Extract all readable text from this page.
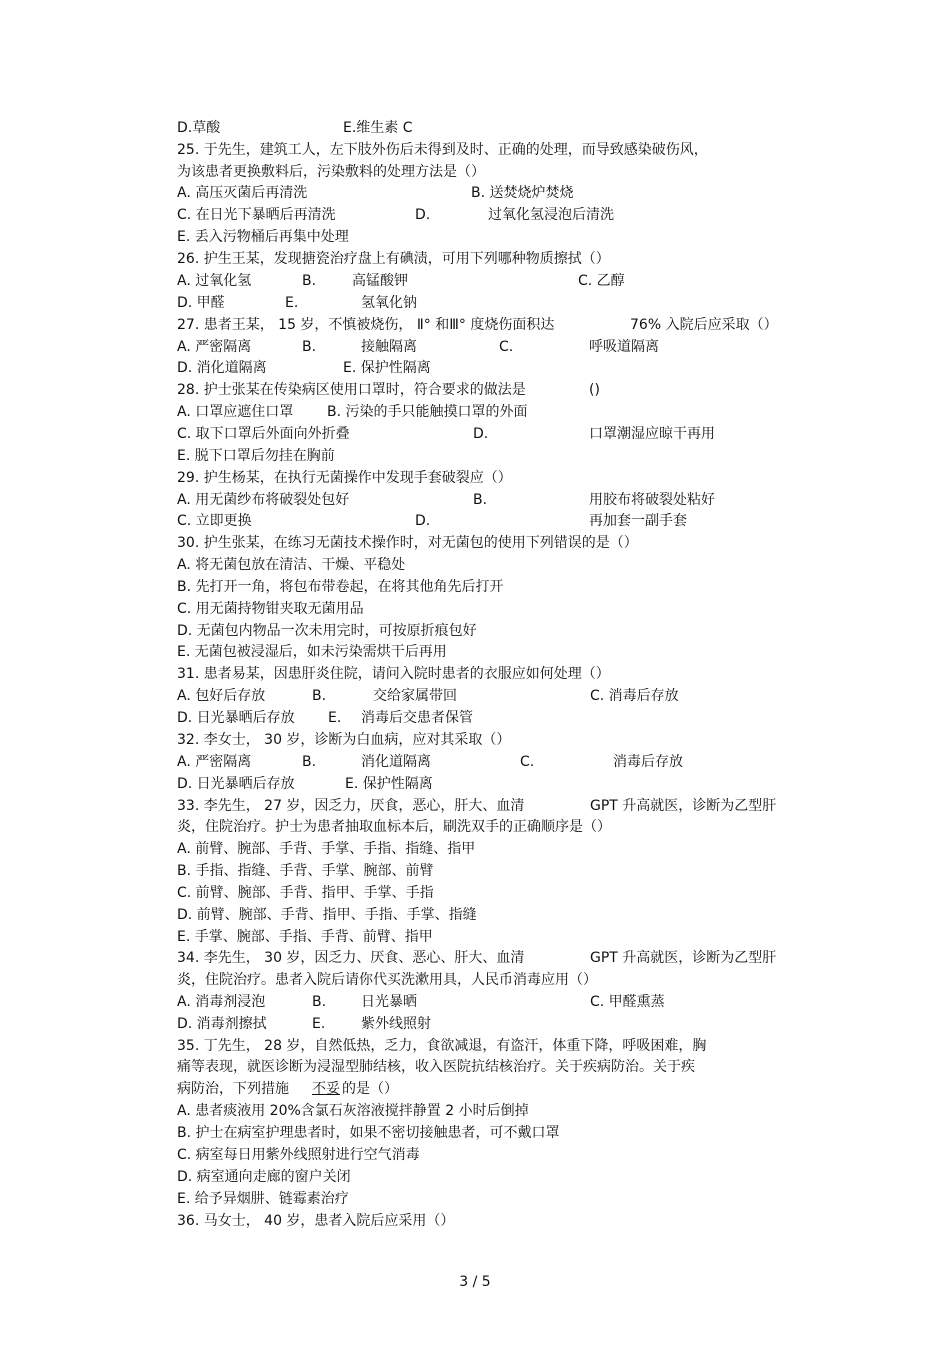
D.草酸	E.维生素 C
25. 于先生，建筑工人，左下肢外伤后未得到及时、正确的处理，而导致感染破伤风，
为该患者更换敷料后，污染敷料的处理方法是（）
A. 高压灭菌后再清洗	B. 送焚烧炉焚烧
C. 在日光下暴晒后再清洗	D.	过氧化氢浸泡后清洗
E. 丢入污物桶后再集中处理
26. 护生王某，发现搪瓷治疗盘上有碘渍，可用下列哪种物质擦拭（）
A. 过氧化氢	B.	高锰酸钾	C. 乙醇
D. 甲醛	E.	氢氧化钠
27. 患者王某， 15 岁，不慎被烧伤， Ⅱ° 和Ⅲ° 度烧伤面积达	76% 入院后应采取（）
A. 严密隔离	B.	接触隔离	C.	呼吸道隔离
D. 消化道隔离	E. 保护性隔离
28. 护士张某在传染病区使用口罩时，符合要求的做法是	()
A. 口罩应遮住口罩 B. 污染的手只能触摸口罩的外面
C. 取下口罩后外面向外折叠	D.	口罩潮湿应晾干再用
E. 脱下口罩后勿挂在胸前
29. 护生杨某，在执行无菌操作中发现手套破裂应（）
A. 用无菌纱布将破裂处包好	B.	用胶布将破裂处粘好
C. 立即更换	D.	再加套一副手套
30. 护生张某，在练习无菌技术操作时，对无菌包的使用下列错误的是（）
A. 将无菌包放在清洁、干燥、平稳处
B. 先打开一角，将包布带卷起，在将其他角先后打开
C. 用无菌持物钳夹取无菌用品
D. 无菌包内物品一次未用完时，可按原折痕包好
E. 无菌包被浸湿后，如未污染需烘干后再用
31. 患者易某，因患肝炎住院，请问入院时患者的衣服应如何处理（）
A. 包好后存放	B.	交给家属带回	C. 消毒后存放
D. 日光暴晒后存放 E. 消毒后交患者保管
32. 李女士， 30 岁，诊断为白血病，应对其采取（）
A. 严密隔离	B.	消化道隔离	C.	消毒后存放
D. 日光暴晒后存放	E. 保护性隔离
33. 李先生， 27 岁，因乏力，厌食，恶心，肝大、血清	GPT 升高就医，诊断为乙型肝
炎，住院治疗。护士为患者抽取血标本后，刷洗双手的正确顺序是（）
A. 前臂、腕部、手背、手掌、手指、指缝、指甲
B. 手指、指缝、手背、手掌、腕部、前臂
C. 前臂、腕部、手背、指甲、手掌、手指
D. 前臂、腕部、手背、指甲、手指、手掌、指缝
E. 手掌、腕部、手指、手背、前臂、指甲
34. 李先生， 30 岁，因乏力、厌食、恶心、肝大、血清	GPT 升高就医，诊断为乙型肝
炎，住院治疗。患者入院后请你代买洗漱用具，人民币消毒应用（）
A. 消毒剂浸泡	B. 日光暴晒	C. 甲醛熏蒸
D. 消毒剂擦拭	E.	紫外线照射
35. 丁先生， 28 岁，自然低热，乏力，食欲减退，有盗汗，体重下降，呼吸困难，胸
痛等表现，就医诊断为浸湿型肺结核，收入医院抗结核治疗。关于疾病防治。关于疾
病防治，下列措施 不妥 的是（）
A. 患者痰液用 20%含氯石灰溶液搅拌静置 2 小时后倒掉
B. 护士在病室护理患者时，如果不密切接触患者，可不戴口罩
C. 病室每日用紫外线照射进行空气消毒
D. 病室通向走廊的窗户关闭
E. 给予异烟肼、链霉素治疗
36. 马女士， 40 岁，患者入院后应采用（）
3 / 5
